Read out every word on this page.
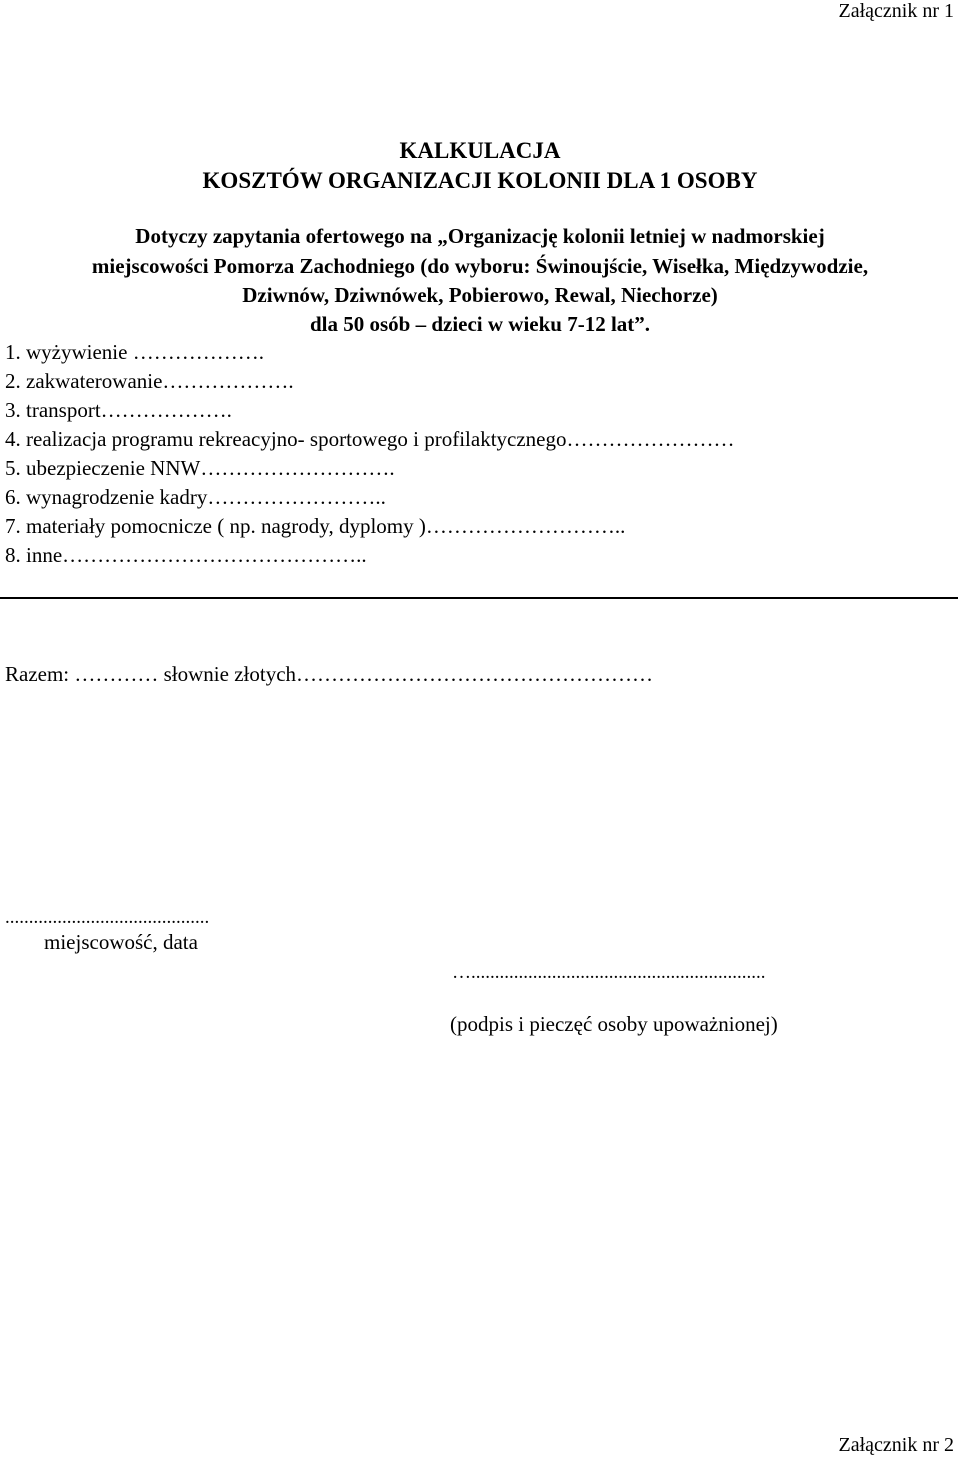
Załącznik nr 1
KALKULACJA
KOSZTÓW ORGANIZACJI KOLONII DLA 1 OSOBY
Dotyczy zapytania ofertowego na „Organizację kolonii letniej w nadmorskiej
miejscowości Pomorza Zachodniego (do wyboru: Świnoujście, Wisełka, Międzywodzie,
Dziwnów, Dziwnówek, Pobierowo, Rewal, Niechorze)
dla 50 osób – dzieci w wieku 7-12 lat”.
1. wyżywienie ……………….
2. zakwaterowanie……………….
3. transport……………….
4. realizacja programu rekreacyjno- sportowego i profilaktycznego……………………
5. ubezpieczenie NNW……………………….
6. wynagrodzenie kadry……………………..
7. materiały pomocnicze ( np. nagrody, dyplomy )………………………..
8. inne……………………………………..
Razem: ………… słownie złotych……………………………………………
...........................................
miejscowość, data
…..............................................................
(podpis i pieczęć osoby upoważnionej)
Załącznik nr 2
